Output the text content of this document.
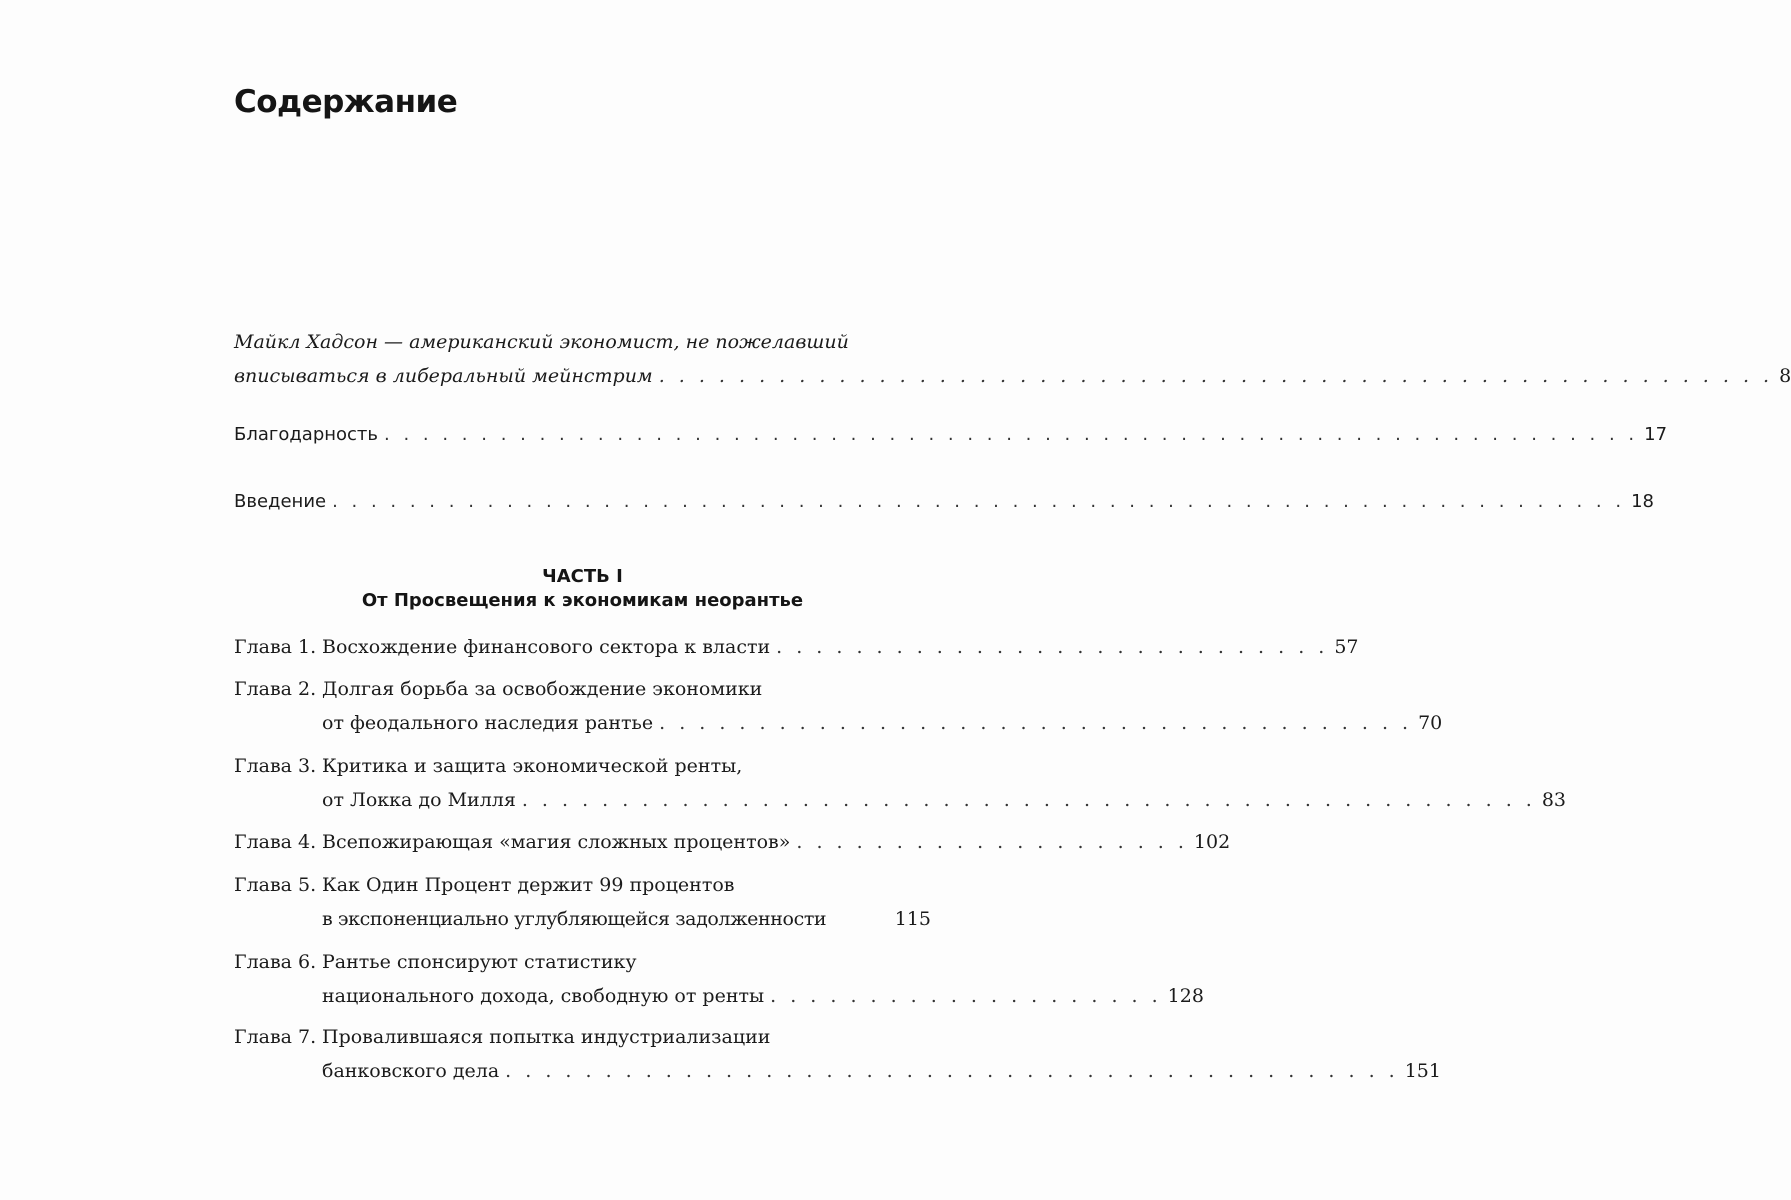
Содержание
Майкл Хадсон — американский экономист, не пожелавший
вписываться в либеральный мейнстрим . . . . . . . . . . . . . . . . . . . . . . . . . . . . . . . . . . . . . . . . . . . . . . . . . . . . . . . . 8
Благодарность . . . . . . . . . . . . . . . . . . . . . . . . . . . . . . . . . . . . . . . . . . . . . . . . . . . . . . . . . . . . . . . . . 17
Введение . . . . . . . . . . . . . . . . . . . . . . . . . . . . . . . . . . . . . . . . . . . . . . . . . . . . . . . . . . . . . . . . . . . 18
ЧАСТЬ I
От Просвещения к экономикам неорантье
Глава 1. Восхождение финансового сектора к власти . . . . . . . . . . . . . . . . . . . . . . . . . . . . 57
Глава 2. Долгая борьба за освобождение экономики
от феодального наследия рантье . . . . . . . . . . . . . . . . . . . . . . . . . . . . . . . . . . . . . . 70
Глава 3. Критика и защита экономической ренты,
от Локка до Милля . . . . . . . . . . . . . . . . . . . . . . . . . . . . . . . . . . . . . . . . . . . . . . . . . . . 83
Глава 4. Всепожирающая «магия сложных процентов» . . . . . . . . . . . . . . . . . . . . 102
Глава 5. Как Один Процент держит 99 процентов
в экспоненциально углубляющейся задолженности	115
Глава 6. Рантье спонсируют статистику
национального дохода, свободную от ренты . . . . . . . . . . . . . . . . . . . . 128
Глава 7. Провалившаяся попытка индустриализации
банковского дела . . . . . . . . . . . . . . . . . . . . . . . . . . . . . . . . . . . . . . . . . . . . . 151
